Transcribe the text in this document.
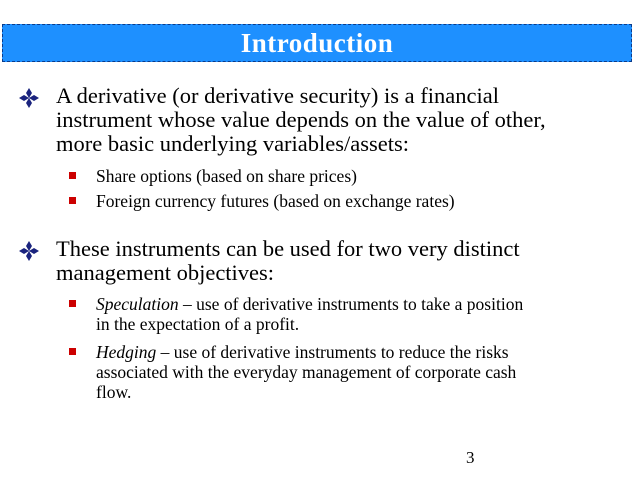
Introduction
A derivative (or derivative security) is a financial
instrument whose value depends on the value of other,
more basic underlying variables/assets:
Share options (based on share prices)
Foreign currency futures (based on exchange rates)
These instruments can be used for two very distinct
management objectives:
Speculation – use of derivative instruments to take a position
in the expectation of a profit.
Hedging – use of derivative instruments to reduce the risks
associated with the everyday management of corporate cash
flow.
3
